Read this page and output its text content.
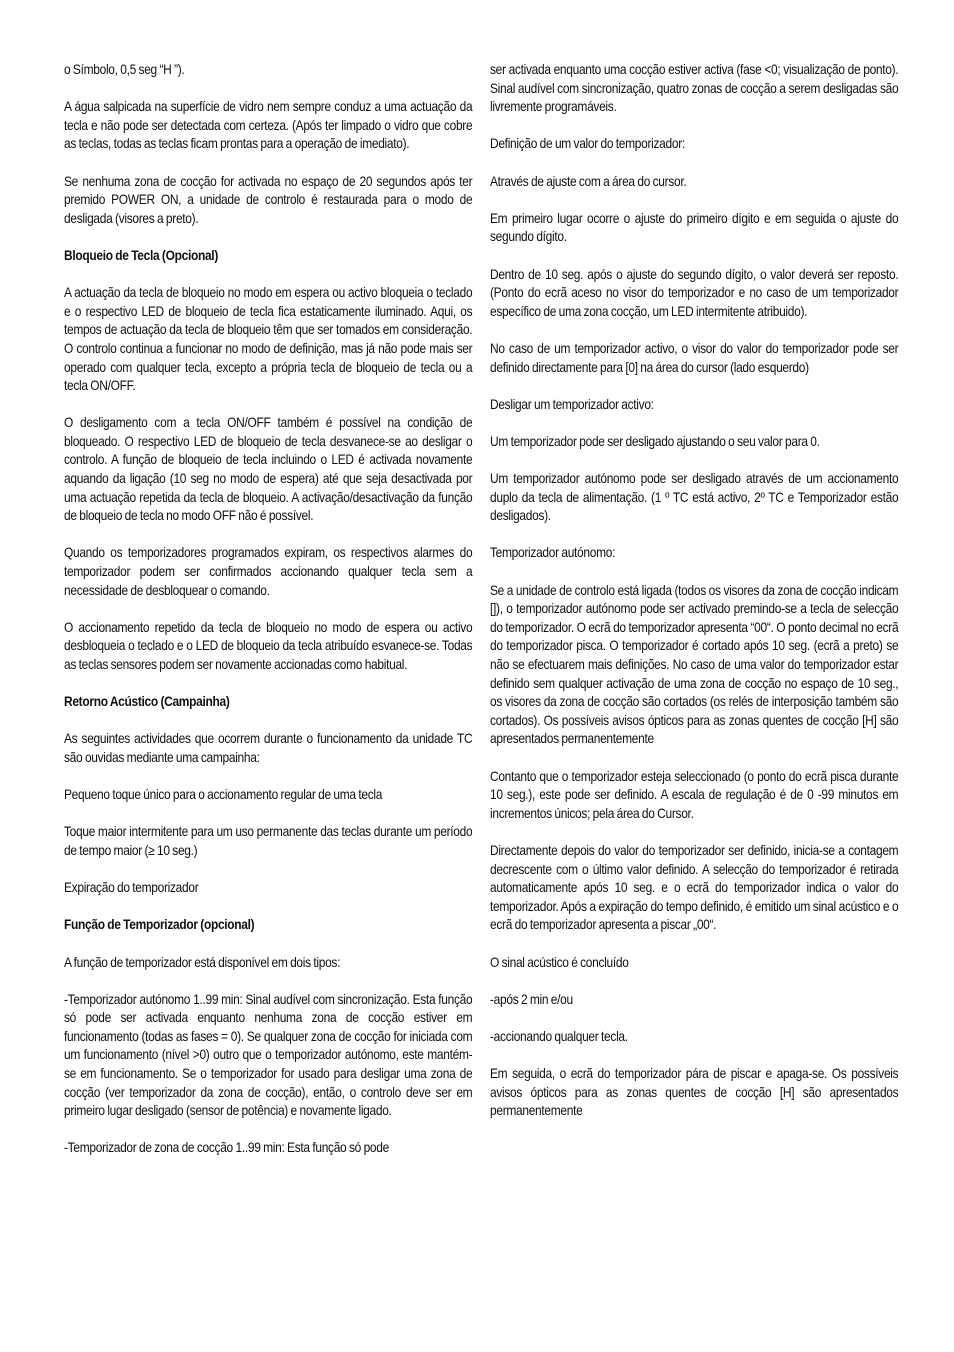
o Símbolo, 0,5 seg “H ”).

A água salpicada na superfície de vidro nem sempre conduz a uma actuação da tecla e não pode ser detectada com certeza. (Após ter limpado o vidro que cobre as teclas, todas as teclas ficam prontas para a operação de imediato).

Se nenhuma zona de cocção for activada no espaço de 20 segundos após ter premido POWER ON, a unidade de controlo é restaurada para o modo de desligada (visores a preto).

Bloqueio de Tecla (Opcional)

A actuação da tecla de bloqueio no modo em espera ou activo bloqueia o teclado e o respectivo LED de bloqueio de tecla fica estaticamente iluminado. Aqui, os tempos de actuação da tecla de bloqueio têm que ser tomados em consideração. O controlo continua a funcionar no modo de definição, mas já não pode mais ser operado com qualquer tecla, excepto a própria tecla de bloqueio de tecla ou a tecla ON/OFF.

O desligamento com a tecla ON/OFF também é possível na condição de bloqueado. O respectivo LED de bloqueio de tecla desvanece-se ao desligar o controlo. A função de bloqueio de tecla incluindo o LED é activada novamente aquando da ligação (10 seg no modo de espera) até que seja desactivada por uma actuação repetida da tecla de bloqueio. A activação/desactivação da função de bloqueio de tecla no modo OFF não é possível.

Quando os temporizadores programados expiram, os respectivos alarmes do temporizador podem ser confirmados accionando qualquer tecla sem a necessidade de desbloquear o comando.

O accionamento repetido da tecla de bloqueio no modo de espera ou activo desbloqueia o teclado e o LED de bloqueio da tecla atribuído esvanece-se. Todas as teclas sensores podem ser novamente accionadas como habitual.

Retorno Acústico (Campainha)

As seguintes actividades que ocorrem durante o funcionamento da unidade TC são ouvidas mediante uma campainha:

Pequeno toque único para o accionamento regular de uma tecla

Toque maior intermitente para um uso permanente das teclas durante um período de tempo maior (≥ 10 seg.)

Expiração do temporizador

Função de Temporizador (opcional)

A função de temporizador está disponível em dois tipos:

-Temporizador autónomo 1..99 min: Sinal audível com sincronização. Esta função só pode ser activada enquanto nenhuma zona de cocção estiver em funcionamento (todas as fases = 0). Se qualquer zona de cocção for iniciada com um funcionamento (nível >0) outro que o temporizador autónomo, este mantém-se em funcionamento. Se o temporizador for usado para desligar uma zona de cocção (ver temporizador da zona de cocção), então, o controlo deve ser em primeiro lugar desligado (sensor de potência) e novamente ligado.

-Temporizador de zona de cocção 1..99 min: Esta função só pode

ser activada enquanto uma cocção estiver activa (fase <0; visualização de ponto). Sinal audível com sincronização, quatro zonas de cocção a serem desligadas são livremente programáveis.

Definição de um valor do temporizador:

Através de ajuste com a área do cursor.

Em primeiro lugar ocorre o ajuste do primeiro dígito e em seguida o ajuste do segundo dígito.

Dentro de 10 seg. após o ajuste do segundo dígito, o valor deverá ser reposto. (Ponto do ecrã aceso no visor do temporizador e no caso de um temporizador específico de uma zona cocção, um LED intermitente atribuido).

No caso de um temporizador activo, o visor do valor do temporizador pode ser definido directamente para [0] na área do cursor (lado esquerdo)

Desligar um temporizador activo:

Um temporizador pode ser desligado ajustando o seu valor para 0.

Um temporizador autónomo pode ser desligado através de um accionamento duplo da tecla de alimentação. (1 º TC está activo, 2º TC e Temporizador estão desligados).

Temporizador autónomo:

Se a unidade de controlo está ligada (todos os visores da zona de cocção indicam []), o temporizador autónomo pode ser activado premindo-se a tecla de selecção do temporizador. O ecrã do temporizador apresenta “00“. O ponto decimal no ecrã do temporizador pisca. O temporizador é cortado após 10 seg. (ecrã a preto) se não se efectuarem mais definições. No caso de uma valor do temporizador estar definido sem qualquer activação de uma zona de cocção no espaço de 10 seg., os visores da zona de cocção são cortados (os relés de interposição também são cortados). Os possíveis avisos ópticos para as zonas quentes de cocção [H] são apresentados permanentemente

Contanto que o temporizador esteja seleccionado (o ponto do ecrã pisca durante 10 seg.), este pode ser definido. A escala de regulação é de 0 -99 minutos em incrementos únicos; pela área do Cursor.

Directamente depois do valor do temporizador ser definido, inicia-se a contagem decrescente com o último valor definido. A selecção do temporizador é retirada automaticamente após 10 seg. e o ecrã do temporizador indica o valor do temporizador. Após a expiração do tempo definido, é emitido um sinal acústico e o ecrã do temporizador apresenta a piscar „00“.

O sinal acústico é concluído

-após 2 min e/ou

-accionando qualquer tecla.

Em seguida, o ecrã do temporizador pára de piscar e apaga-se. Os possíveis avisos ópticos para as zonas quentes de cocção [H] são apresentados permanentemente
